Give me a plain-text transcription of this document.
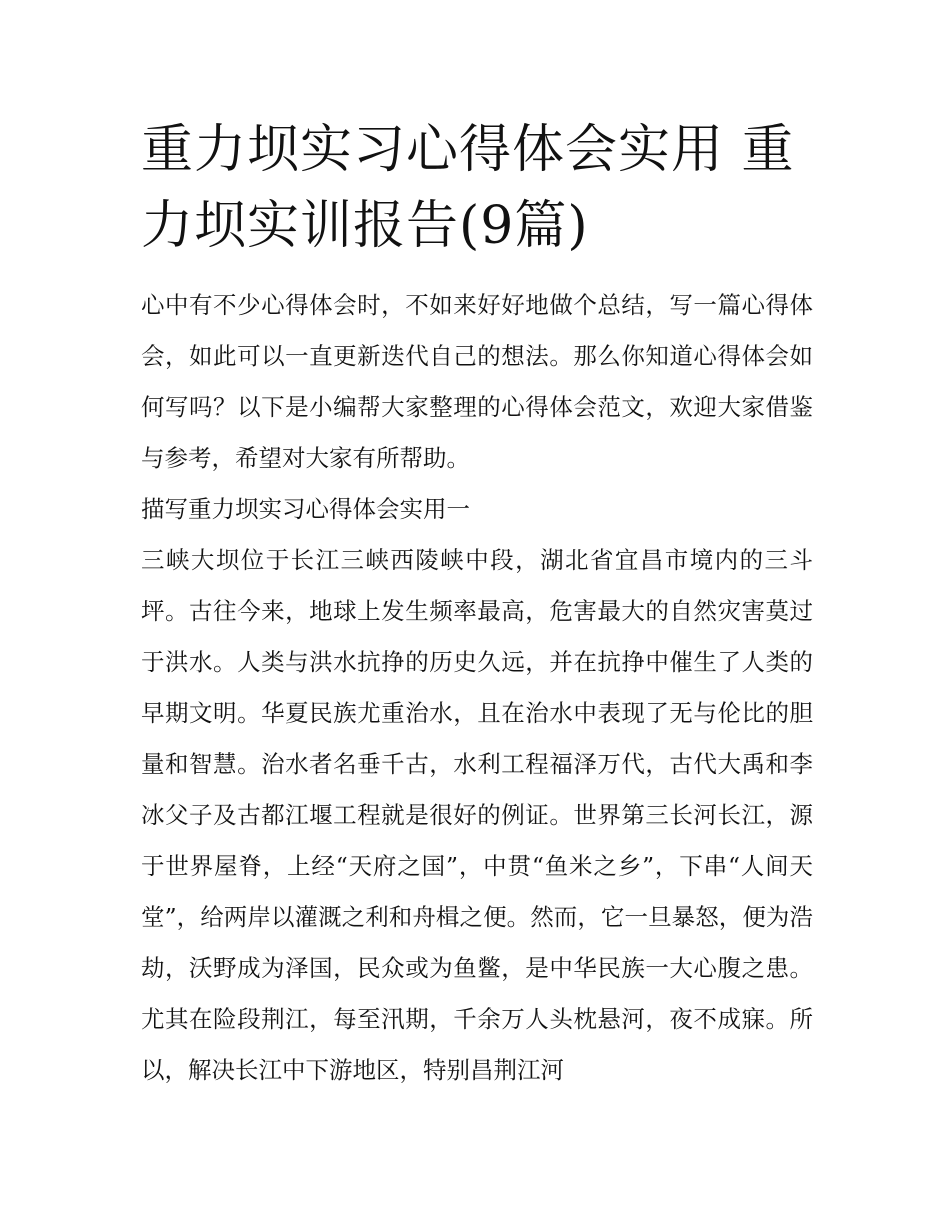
重力坝实习心得体会实用 重力坝实训报告(9篇)

心中有不少心得体会时，不如来好好地做个总结，写一篇心得体会，如此可以一直更新迭代自己的想法。那么你知道心得体会如何写吗？以下是小编帮大家整理的心得体会范文，欢迎大家借鉴与参考，希望对大家有所帮助。

描写重力坝实习心得体会实用一

三峡大坝位于长江三峡西陵峡中段，湖北省宜昌市境内的三斗坪。古往今来，地球上发生频率最高，危害最大的自然灾害莫过于洪水。人类与洪水抗挣的历史久远，并在抗挣中催生了人类的早期文明。华夏民族尤重治水，且在治水中表现了无与伦比的胆量和智慧。治水者名垂千古，水利工程福泽万代，古代大禹和李冰父子及古都江堰工程就是很好的例证。世界第三长河长江，源于世界屋脊，上经“天府之国”，中贯“鱼米之乡”，下串“人间天堂”，给两岸以灌溉之利和舟楫之便。然而，它一旦暴怒，便为浩劫，沃野成为泽国，民众或为鱼鳖，是中华民族一大心腹之患。尤其在险段荆江，每至汛期，千余万人头枕悬河，夜不成寐。所以，解决长江中下游地区，特别昌荆江河
